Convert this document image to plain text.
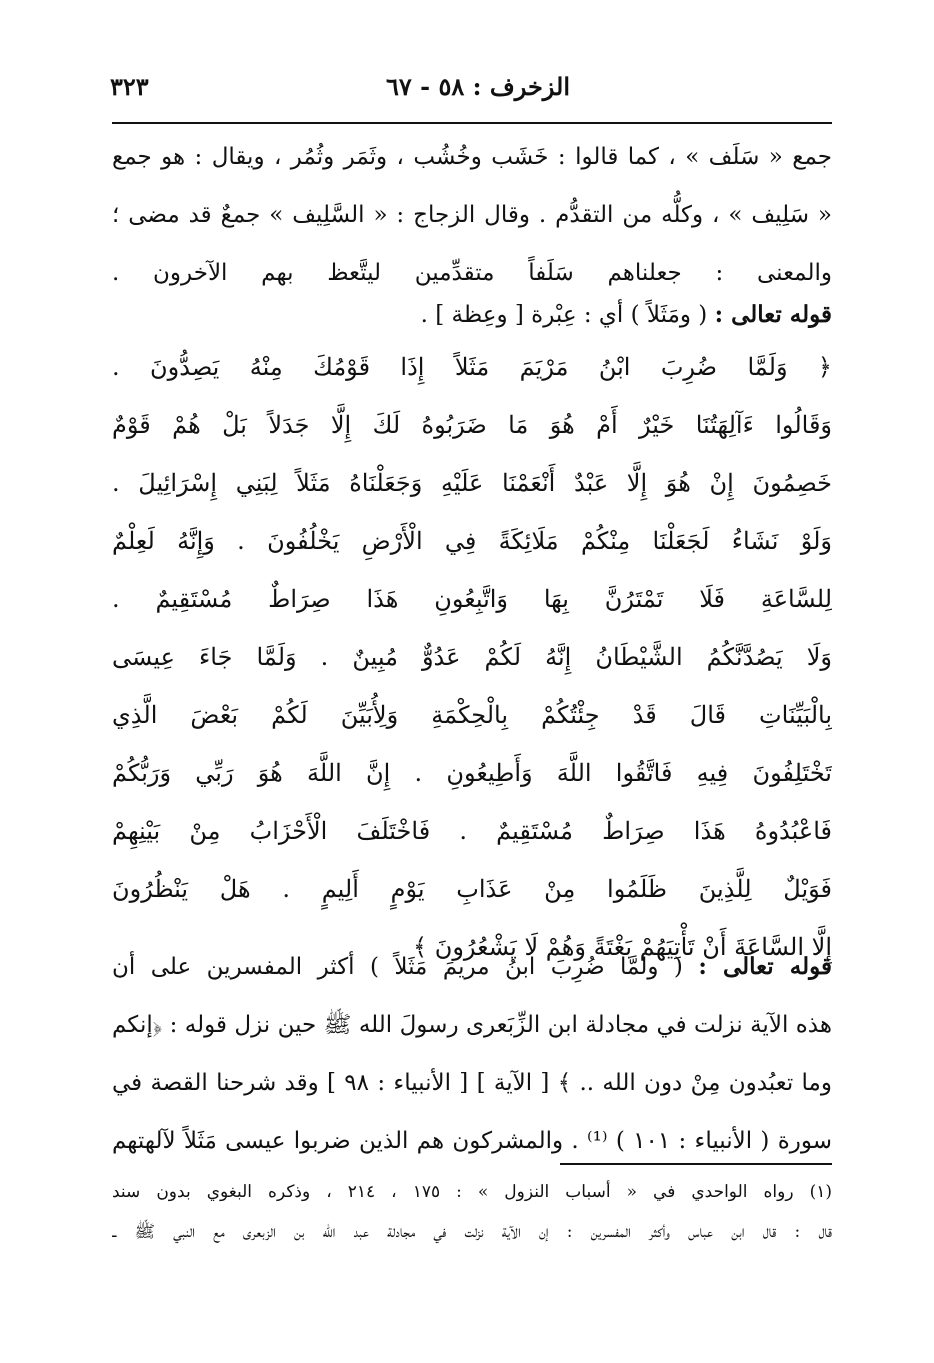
الزخرف : ٥٨ - ٦٧
٣٢٣
جمع « سَلَف » ، كما قالوا : خَشَب وخُشُب ، وثَمَر وثُمُر ، ويقال : هو جمع
« سَلِيف » ، وكلُّه من التقدُّم . وقال الزجاج : « السَّلِيف » جمعٌ قد مضى ؛
والمعنى : جعلناهم سَلَفاً متقدِّمين ليتَّعظ بهم الآخرون .
قوله تعالى : ( ومَثَلاً ) أي : عِبْرة [ وعِظة ] .
﴿ وَلَمَّا ضُرِبَ ابْنُ مَرْيَمَ مَثَلاً إِذَا قَوْمُكَ مِنْهُ يَصِدُّونَ .
وَقَالُوا ءَآلِهَتُنَا خَيْرٌ أَمْ هُوَ مَا ضَرَبُوهُ لَكَ إِلَّا جَدَلاً بَلْ هُمْ قَوْمٌ
خَصِمُونَ إِنْ هُوَ إِلَّا عَبْدٌ أَنْعَمْنَا عَلَيْهِ وَجَعَلْنَاهُ مَثَلاً لِبَنِي إِسْرَائِيلَ .
وَلَوْ نَشَاءُ لَجَعَلْنَا مِنْكُمْ مَلَائِكَةً فِي الْأَرْضِ يَخْلُفُونَ . وَإِنَّهُ لَعِلْمٌ
لِلسَّاعَةِ فَلَا تَمْتَرُنَّ بِهَا وَاتَّبِعُونِ هَذَا صِرَاطٌ مُسْتَقِيمٌ .
وَلَا يَصُدَّنَّكُمُ الشَّيْطَانُ إِنَّهُ لَكُمْ عَدُوٌّ مُبِينٌ . وَلَمَّا جَاءَ عِيسَى
بِالْبَيِّنَاتِ قَالَ قَدْ جِئْتُكُمْ بِالْحِكْمَةِ وَلِأُبَيِّنَ لَكُمْ بَعْضَ الَّذِي
تَخْتَلِفُونَ فِيهِ فَاتَّقُوا اللَّهَ وَأَطِيعُونِ . إِنَّ اللَّهَ هُوَ رَبِّي وَرَبُّكُمْ
فَاعْبُدُوهُ هَذَا صِرَاطٌ مُسْتَقِيمٌ . فَاخْتَلَفَ الْأَحْزَابُ مِنْ بَيْنِهِمْ
فَوَيْلٌ لِلَّذِينَ ظَلَمُوا مِنْ عَذَابِ يَوْمٍ أَلِيمٍ . هَلْ يَنْظُرُونَ
إِلَّا السَّاعَةَ أَنْ تَأْتِيَهُمْ بَغْتَةً وَهُمْ لَا يَشْعُرُونَ ﴾
قوله تعالى : ( ولمَّا ضُرِبَ ابنُ مريمَ مَثَلاً ) أكثر المفسرين على أن
هذه الآية نزلت في مجادلة ابن الزِّبَعرى رسولَ الله ﷺ حين نزل قوله : ﴿إنكم
وما تعبُدون مِنْ دون الله .. ﴾ [ الآية ] [ الأنبياء : ٩٨ ] وقد شرحنا القصة في
سورة ( الأنبياء : ١٠١ ) ⁽¹⁾ . والمشركون هم الذين ضربوا عيسى مَثَلاً لآلهتهم
(١) رواه الواحدي في « أسباب النزول » : ١٧٥ ، ٢١٤ ، وذكره البغوي بدون سند
قال : قال ابن عباس وأكثر المفسرين : إن الآية نزلت في مجادلة عبد الله بن الزبعرى مع النبي ﷺ ــ
